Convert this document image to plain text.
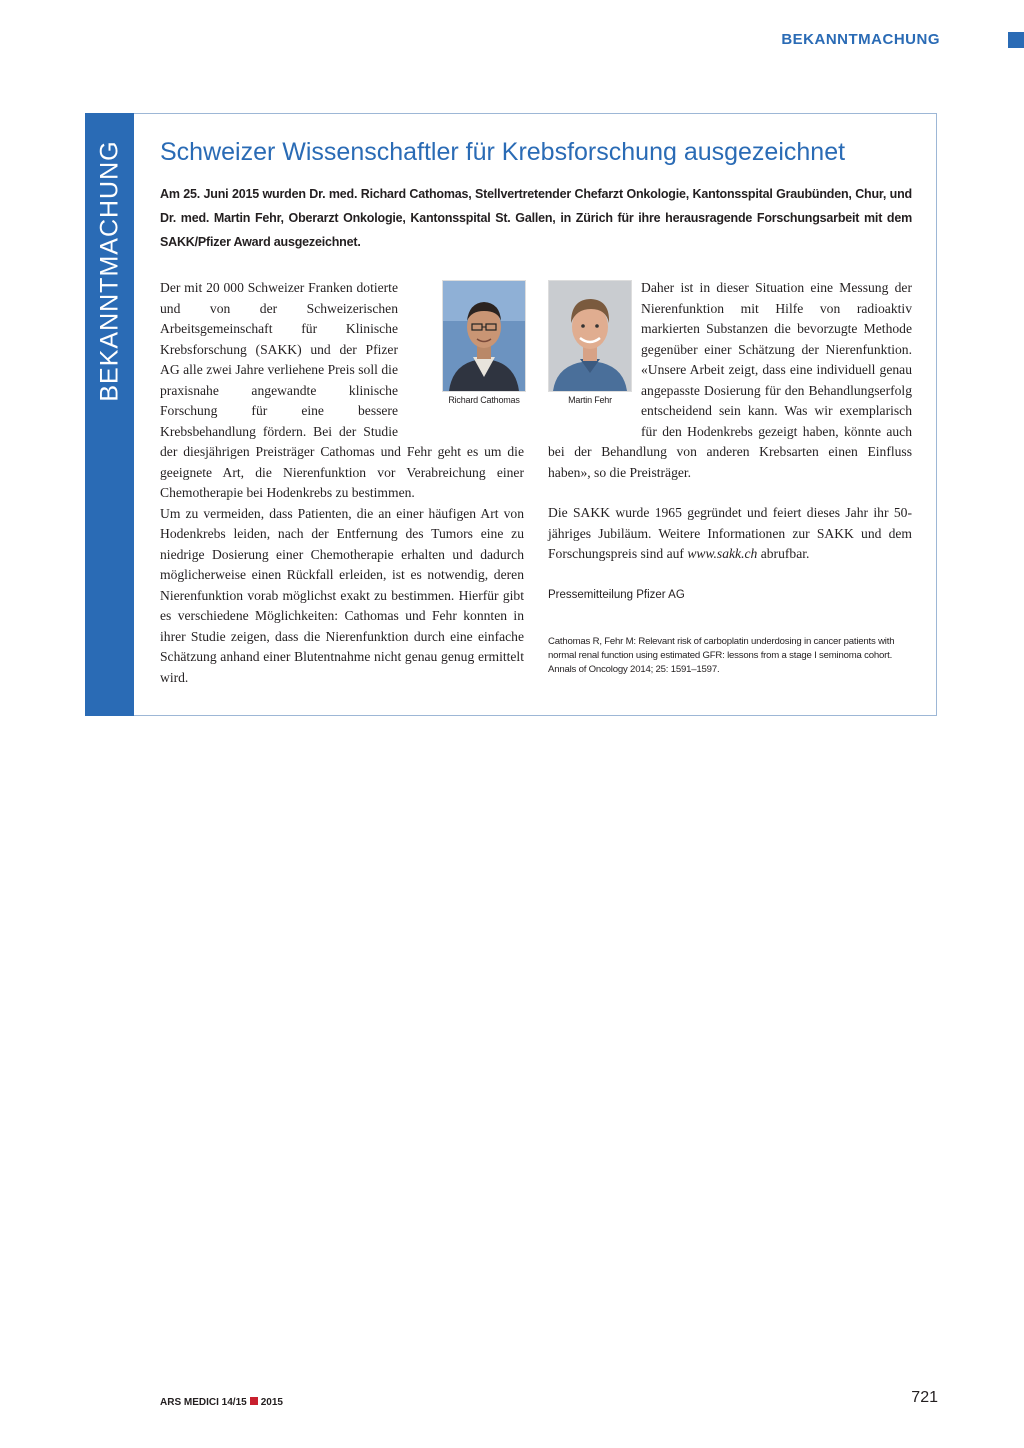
BEKANNTMACHUNG
BEKANNTMACHUNG Schweizer Wissenschaftler für Krebsforschung ausgezeichnet
Am 25. Juni 2015 wurden Dr. med. Richard Cathomas, Stellvertretender Chefarzt Onkologie, Kantonsspital Graubünden, Chur, und Dr. med. Martin Fehr, Oberarzt Onkologie, Kantonsspital St. Gallen, in Zürich für ihre herausragende Forschungsarbeit mit dem SAKK/Pfizer Award ausgezeichnet.

Der mit 20 000 Schweizer Franken dotierte und von der Schweizerischen Arbeitsgemeinschaft für Klinische Krebsforschung (SAKK) und der Pfizer AG alle zwei Jahre verliehene Preis soll die praxisnahe angewandte klinische Forschung für eine bessere Krebsbehandlung fördern. Bei der Studie der diesjährigen Preisträger Cathomas und Fehr geht es um die geeignete Art, die Nierenfunktion vor Verabreichung einer Chemotherapie bei Hodenkrebs zu bestimmen.

Um zu vermeiden, dass Patienten, die an einer häufigen Art von Hodenkrebs leiden, nach der Entfernung des Tumors eine zu niedrige Dosierung einer Chemotherapie erhalten und dadurch möglicherweise einen Rückfall erleiden, ist es notwendig, deren Nierenfunktion vorab möglichst exakt zu bestimmen. Hierfür gibt es verschiedene Möglichkeiten: Cathomas und Fehr konnten in ihrer Studie zeigen, dass die Nierenfunktion durch eine einfache Schätzung anhand einer Blutentnahme nicht genau genug ermittelt wird.

Richard Cathomas	Martin Fehr

Daher ist in dieser Situation eine Messung der Nierenfunktion mit Hilfe von radioaktiv markierten Substanzen die bevorzugte Methode gegenüber einer Schätzung der Nierenfunktion. «Unsere Arbeit zeigt, dass eine individuell genau angepasste Dosierung für den Behandlungserfolg entscheidend sein kann. Was wir exemplarisch für den Hodenkrebs gezeigt haben, könnte auch bei der Behandlung von anderen Krebsarten einen Einfluss haben», so die Preisträger.

Die SAKK wurde 1965 gegründet und feiert dieses Jahr ihr 50-jähriges Jubiläum. Weitere Informationen zur SAKK und dem Forschungspreis sind auf www.sakk.ch abrufbar.

Pressemitteilung Pfizer AG
Cathomas R, Fehr M: Relevant risk of carboplatin underdosing in cancer patients with normal renal function using estimated GFR: lessons from a stage I seminoma cohort. Annals of Oncology 2014; 25: 1591–1597.
ARS MEDICI 14/15 2015	721
